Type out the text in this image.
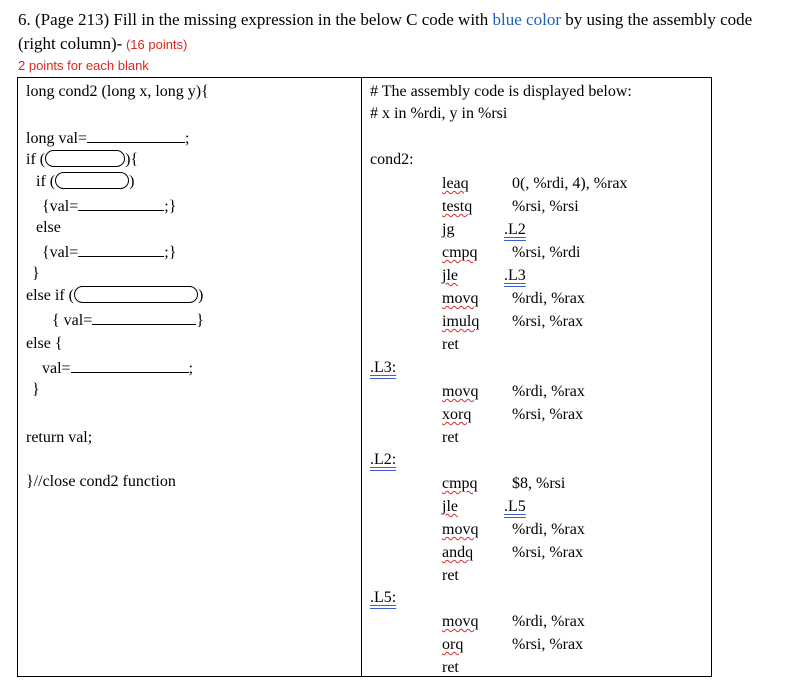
6. (Page 213) Fill in the missing expression in the below C code with blue color by using the assembly code
(right column)- (16 points)
2 points for each blank
long cond2 (long x, long y){
long val=	;
if (	){
if (	)
{val=	;}
else
{val=	;}
}
else if (	)
{ val=	}
else {
val=	;
}
return val;
}//close cond2 function
# The assembly code is displayed below:
# x in %rdi, y in %rsi
cond2:
leaq	0(, %rdi, 4), %rax
testq %rsi, %rsi
jg	.L2
cmpq %rsi, %rdi
jle	.L3
movq %rdi, %rax
imulq %rsi, %rax
ret
.L3:
movq %rdi, %rax
xorq	%rsi, %rax
ret
.L2:
cmpq $8, %rsi
jle	.L5
movq %rdi, %rax
andq %rsi, %rax
ret
.L5:
movq %rdi, %rax
orq	%rsi, %rax
ret
